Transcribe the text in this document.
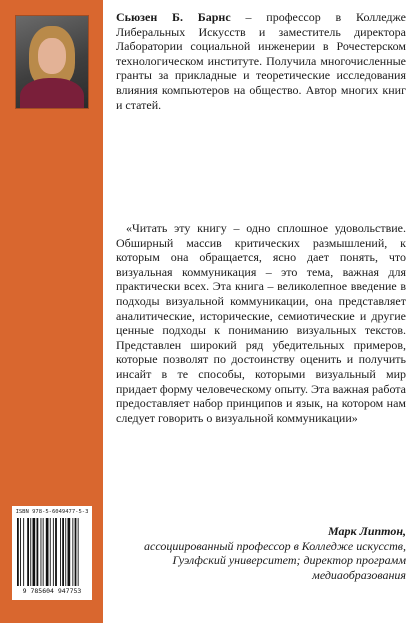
Сьюзен Б. Барнс – профессор в Колледже Либеральных Искусств и заместитель директора Лаборатории социальной инженерии в Рочестерском технологическом институте. Получила многочисленные гранты за прикладные и теоретические исследования влияния компьютеров на общество. Автор многих книг и статей.
«Читать эту книгу – одно сплошное удовольствие. Обширный массив критических размышлений, к которым она обращается, ясно дает понять, что визуальная коммуникация – это тема, важная для практически всех. Эта книга – великолепное введение в подходы визуальной коммуникации, она представляет аналитические, исторические, семиотические и другие ценные подходы к пониманию визуальных текстов. Представлен широкий ряд убедительных примеров, которые позволят по достоинству оценить и получить инсайт в те способы, которыми визуальный мир придает форму человеческому опыту. Эта важная работа предоставляет набор принципов и язык, на котором нам следует говорить о визуальной коммуникации»
Марк Липтон,
ассоциированный профессор в Колледже искусств, Гуэлфский университет; директор программ медиаобразования
ISBN 978-5-6049477-5-3
9 785604 947753
